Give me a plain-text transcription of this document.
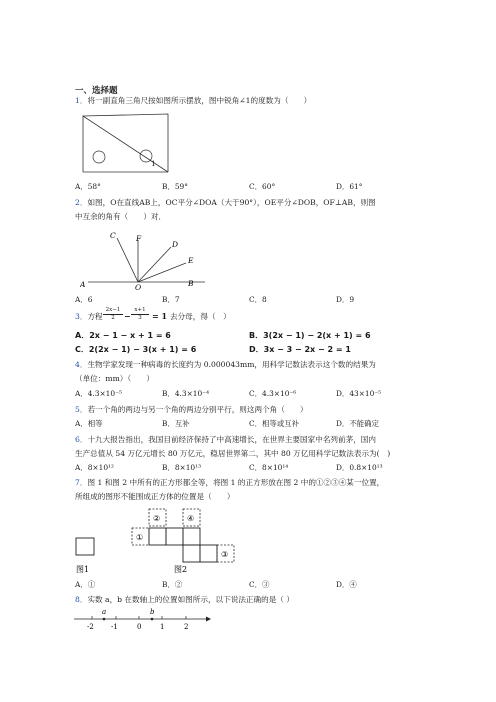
一、选择题
1．将一副直角三角尺按如图所示摆放，图中锐角∠1的度数为（　　）
1
A．58°	B．59°	C．60°	D．61°
2．如图，O在直线AB上，OC平分∠DOA（大于90°），OE平分∠DOB，OF⊥AB，则图
中互余的角有（　　）对．
C	F
D
E
A	O	B
A．6	B．7	C．8	D．9
3．方程 $\frac{2x-1}{2} - \frac{x+1}{3} = 1$ 去分母，得（　）
A．2x − 1 − x + 1 = 6	B．3(2x − 1) − 2(x + 1) = 6
C．2(2x − 1) − 3(x + 1) = 6	D．3x − 3 − 2x − 2 = 1
4．生物学家发现一种病毒的长度约为 0.000043mm，用科学记数法表示这个数的结果为
（单位：mm）（　　）
A．4.3×10⁻⁵	B．4.3×10⁻⁴	C．4.3×10⁻⁶	D．43×10⁻⁵
5．若一个角的两边与另一个角的两边分别平行，则这两个角（　　）
A．相等	B．互补	C．相等或互补	D．不能确定
6．十九大报告指出，我国目前经济保持了中高速增长，在世界主要国家中名列前茅，国内
生产总值从 54 万亿元增长 80 万亿元，稳居世界第二，其中 80 万亿用科学记数法表示为(　)
A．8×10¹²	B．8×10¹³	C．8×10¹⁴	D．0.8×10¹³
7．图 1 和图 2 中所有的正方形都全等，将图 1 的正方形放在图 2 中的①②③④某一位置，
所组成的图形不能围成正方体的位置是（　　）
图1
①
②
③
④
图2
A．①	B．②	C．③	D．④
8．实数 a，b 在数轴上的位置如图所示，以下说法正确的是（ ）
a	b
-2 -1	0	1	2
